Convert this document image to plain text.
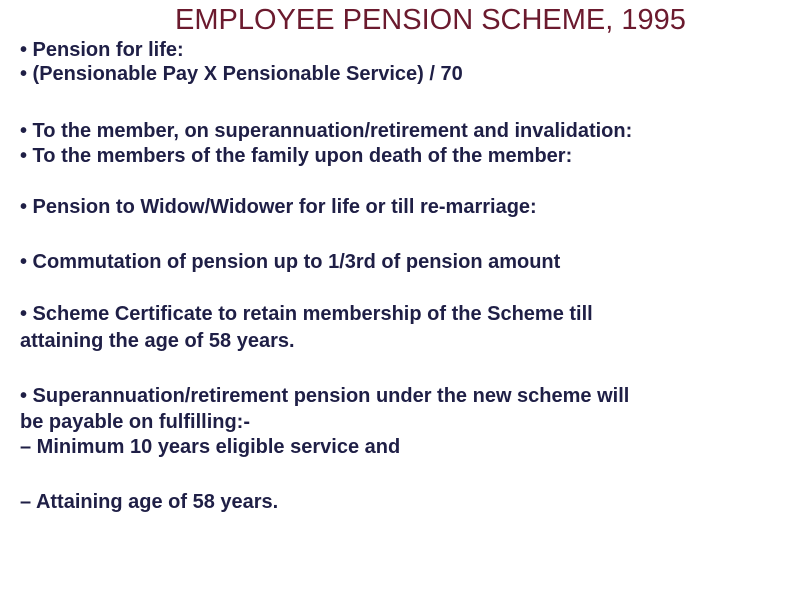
EMPLOYEE PENSION SCHEME, 1995
• Pension for life:
• (Pensionable Pay X Pensionable Service) / 70
• To the member, on superannuation/retirement and invalidation:
• To the members of the family upon death of the member:
• Pension to Widow/Widower for life or till re-marriage:
• Commutation of pension up to 1/3rd of pension amount
• Scheme Certificate to retain membership of the Scheme till
attaining the age of 58 years.
• Superannuation/retirement pension under the new scheme will
be payable on fulfilling:-
– Minimum 10 years eligible service and
– Attaining age of 58 years.
